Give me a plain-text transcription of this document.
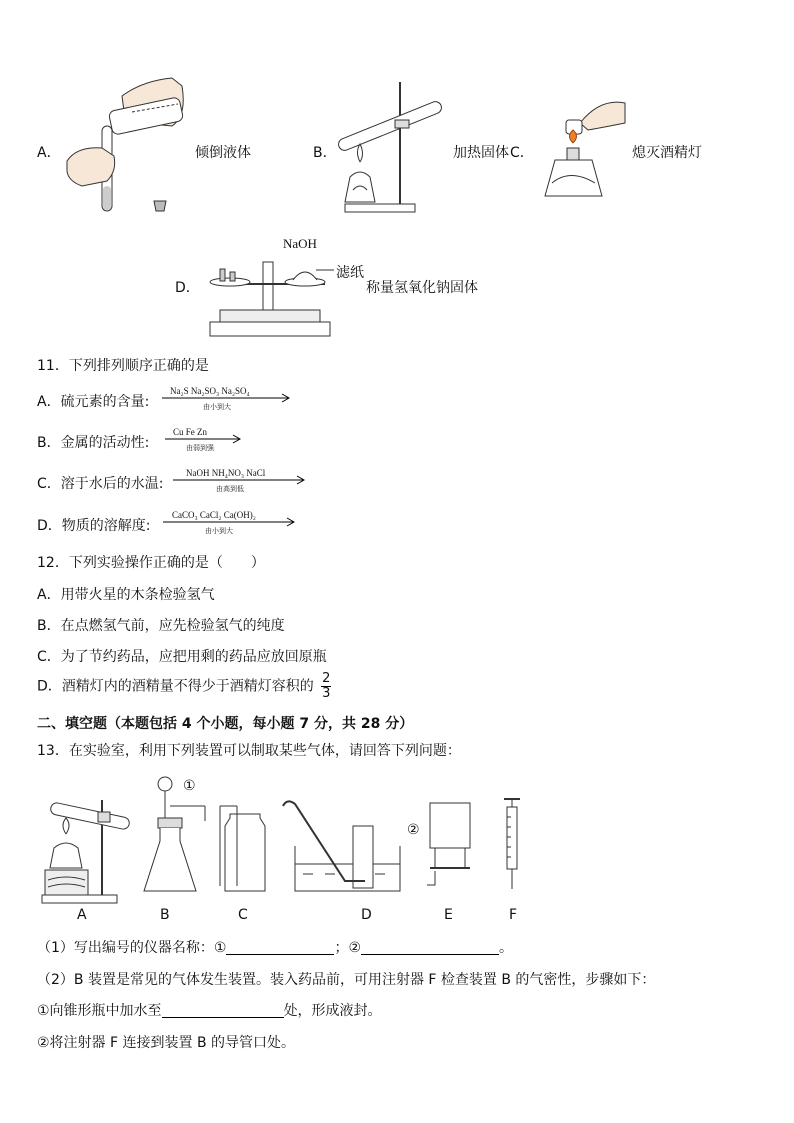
A．	倾倒液体	B．	加热固体 C．	熄灭酒精灯
D．
NaOH
滤纸
称量氢氧化钠固体
11．下列排列顺序正确的是
A．硫元素的含量:
Na₂S Na₂SO₃ Na₂SO₄
由小到大
B．金属的活动性:
Cu Fe Zn
由弱到强
C．溶于水后的水温:
NaOH NH₄NO₃ NaCl
由高到低
D．物质的溶解度:
CaCO₃ CaCl₂ Ca(OH)₂
由小到大
12．下列实验操作正确的是（　　）
A．用带火星的木条检验氢气
B．在点燃氢气前，应先检验氢气的纯度
C．为了节约药品，应把用剩的药品应放回原瓶
D．酒精灯内的酒精量不得少于酒精灯容积的 $\frac{2}{3}$
二、填空题（本题包括 4 个小题，每小题 7 分，共 28 分）
13．在实验室，利用下列装置可以制取某些气体，请回答下列问题：
①
②
A	B	C	D	E	F
（1）写出编号的仪器名称：①	；②	。
（2）B 装置是常见的气体发生装置。装入药品前，可用注射器 F 检查装置 B 的气密性，步骤如下：
①向锥形瓶中加水至	处，形成液封。
②将注射器 F 连接到装置 B 的导管口处。
